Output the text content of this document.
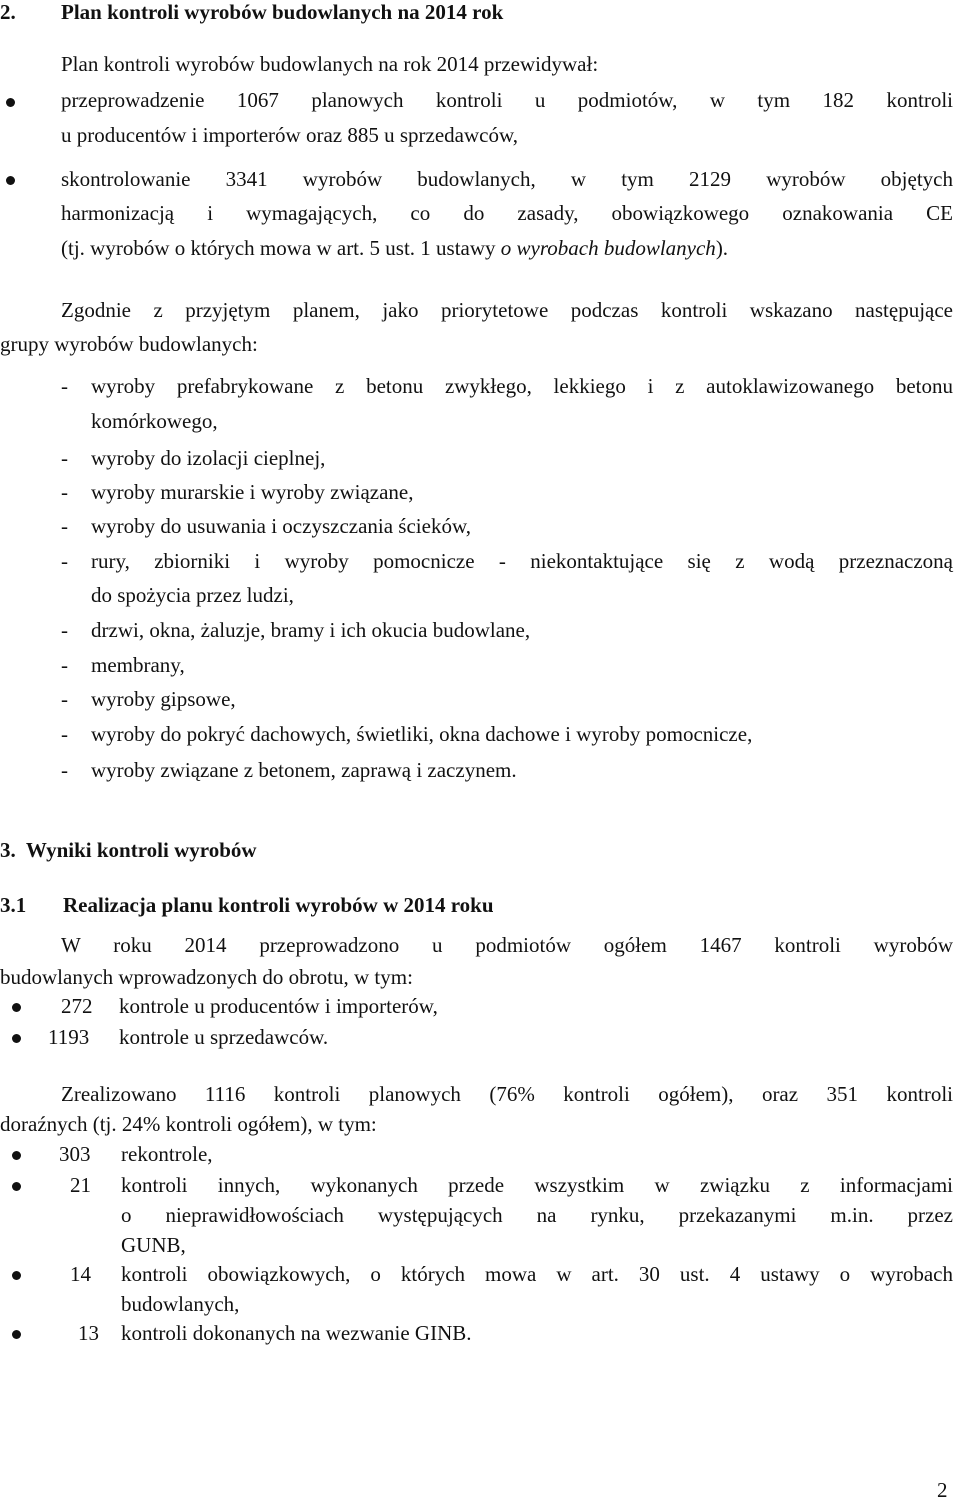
2. Plan kontroli wyrobów budowlanych na 2014 rok
Plan kontroli wyrobów budowlanych na rok 2014 przewidywał:
przeprowadzenie 1067 planowych kontroli u podmiotów, w tym 182 kontroli
u producentów i importerów oraz 885 u sprzedawców,
skontrolowanie 3341 wyrobów budowlanych, w tym 2129 wyrobów objętych
harmonizacją i wymagających, co do zasady, obowiązkowego oznakowania CE
(tj. wyrobów o których mowa w art. 5 ust. 1 ustawy o wyrobach budowlanych).
Zgodnie z przyjętym planem, jako priorytetowe podczas kontroli wskazano następujące
grupy wyrobów budowlanych:
- wyroby prefabrykowane z betonu zwykłego, lekkiego i z autoklawizowanego betonu
komórkowego,
- wyroby do izolacji cieplnej,
- wyroby murarskie i wyroby związane,
- wyroby do usuwania i oczyszczania ścieków,
- rury, zbiorniki i wyroby pomocnicze - niekontaktujące się z wodą przeznaczoną
do spożycia przez ludzi,
- drzwi, okna, żaluzje, bramy i ich okucia budowlane,
- membrany,
- wyroby gipsowe,
- wyroby do pokryć dachowych, świetliki, okna dachowe i wyroby pomocnicze,
- wyroby związane z betonem, zaprawą i zaczynem.
3.  Wyniki kontroli wyrobów
3.1 Realizacja planu kontroli wyrobów w 2014 roku
W roku 2014 przeprowadzono u podmiotów ogółem 1467 kontroli wyrobów
budowlanych wprowadzonych do obrotu, w tym:
272 kontrole u producentów i importerów,
1193 kontrole u sprzedawców.
Zrealizowano 1116 kontroli planowych (76% kontroli ogółem), oraz 351 kontroli
doraźnych (tj. 24% kontroli ogółem), w tym:
303 rekontrole,
21 kontroli innych, wykonanych przede wszystkim w związku z informacjami
o nieprawidłowościach występujących na rynku, przekazanymi m.in. przez
GUNB,
14 kontroli obowiązkowych, o których mowa w art. 30 ust. 4 ustawy o wyrobach
budowlanych,
13 kontroli dokonanych na wezwanie GINB.
2
